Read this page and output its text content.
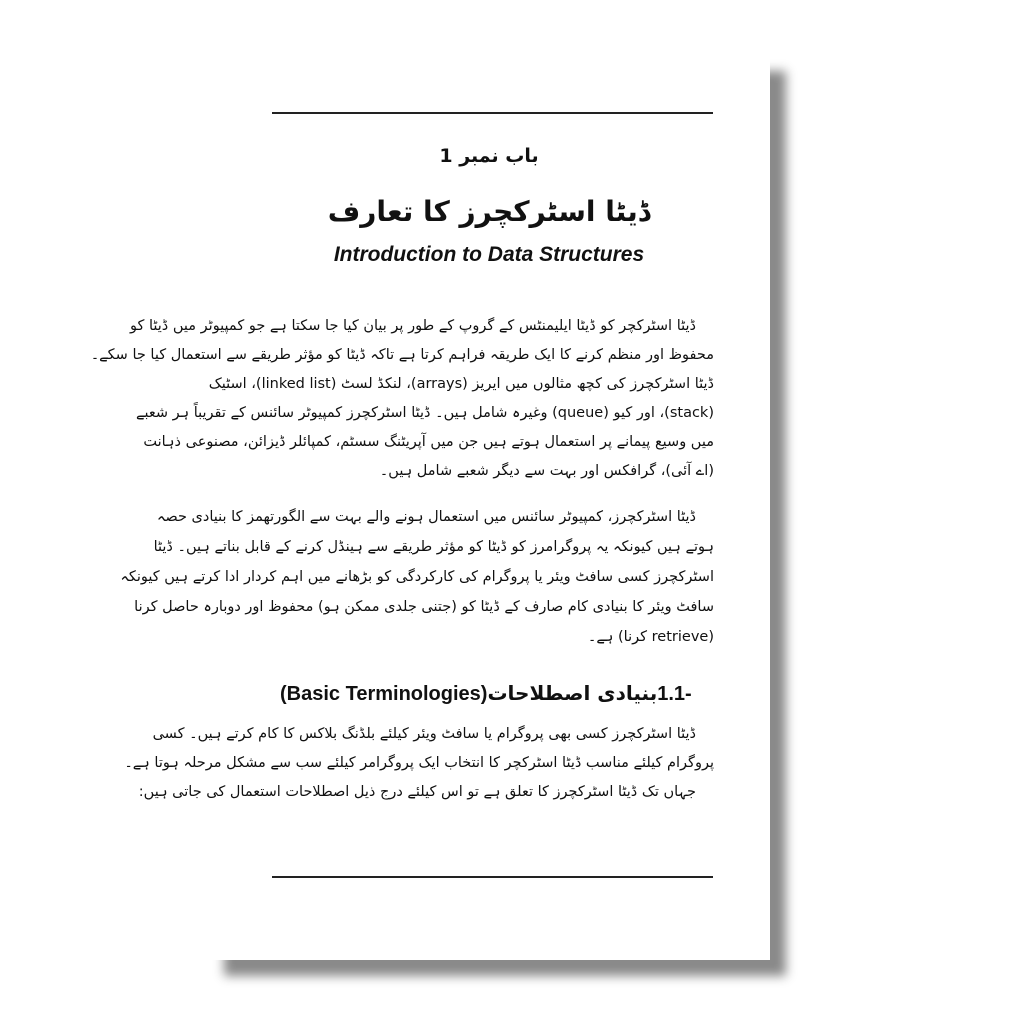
باب نمبر 1
ڈیٹا اسٹرکچرز کا تعارف
Introduction to Data Structures
ڈیٹا اسٹرکچر کو ڈیٹا ایلیمنٹس کے گروپ کے طور پر بیان کیا جا سکتا ہے جو کمپیوٹر میں ڈیٹا کو
محفوظ اور منظم کرنے کا ایک طریقہ فراہم کرتا ہے تاکہ ڈیٹا کو مؤثر طریقے سے استعمال کیا جا سکے۔
ڈیٹا اسٹرکچرز کی کچھ مثالوں میں ایریز (arrays)، لنکڈ لسٹ (linked list)، اسٹیک
(stack)، اور کیو (queue) وغیرہ شامل ہیں۔ ڈیٹا اسٹرکچرز کمپیوٹر سائنس کے تقریباً ہر شعبے
میں وسیع پیمانے پر استعمال ہوتے ہیں جن میں آپریٹنگ سسٹم، کمپائلر ڈیزائن، مصنوعی ذہانت
(اے آئی)، گرافکس اور بہت سے دیگر شعبے شامل ہیں۔
ڈیٹا اسٹرکچرز، کمپیوٹر سائنس میں استعمال ہونے والے بہت سے الگورتھمز کا بنیادی حصہ
ہوتے ہیں کیونکہ یہ پروگرامرز کو ڈیٹا کو مؤثر طریقے سے ہینڈل کرنے کے قابل بناتے ہیں۔ ڈیٹا
اسٹرکچرز کسی سافٹ ویئر یا پروگرام کی کارکردگی کو بڑھانے میں اہم کردار ادا کرتے ہیں کیونکہ
سافٹ ویئر کا بنیادی کام صارف کے ڈیٹا کو (جتنی جلدی ممکن ہو) محفوظ اور دوبارہ حاصل کرنا
(retrieve کرنا) ہے۔
(Basic Terminologies) بنیادی اصطلاحات 1.1-
ڈیٹا اسٹرکچرز کسی بھی پروگرام یا سافٹ ویئر کیلئے بلڈنگ بلاکس کا کام کرتے ہیں۔ کسی
پروگرام کیلئے مناسب ڈیٹا اسٹرکچر کا انتخاب ایک پروگرامر کیلئے سب سے مشکل مرحلہ ہوتا ہے۔
جہاں تک ڈیٹا اسٹرکچرز کا تعلق ہے تو اس کیلئے درج ذیل اصطلاحات استعمال کی جاتی ہیں:
